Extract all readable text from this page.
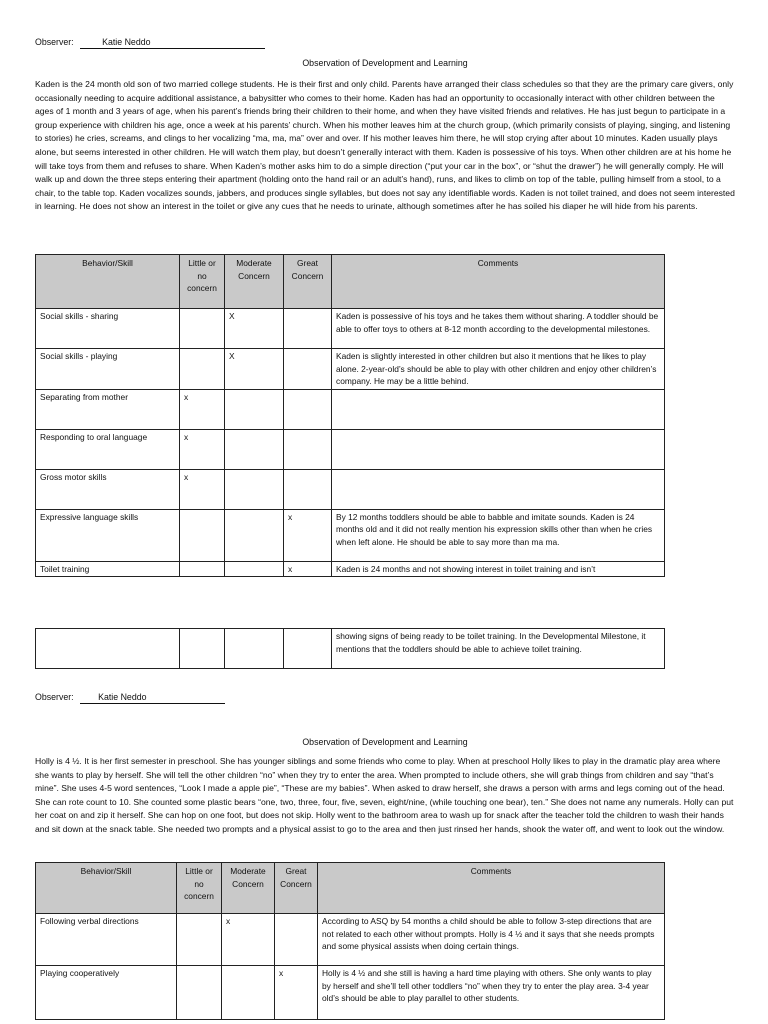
Observer:	Katie Neddo
Observation of Development and Learning

Kaden is the 24 month old son of two married college students. He is their first and only child. Parents have arranged their class schedules so that they are the primary care givers, only occasionally needing to acquire additional assistance, a babysitter who comes to their home. Kaden has had an opportunity to occasionally interact with other children between the ages of 1 month and 3 years of age, when his parent’s friends bring their children to their home, and when they have visited friends and relatives. He has just begun to participate in a group experience with children his age, once a week at his parents’ church. When his mother leaves him at the church group, (which primarily consists of playing, singing, and listening to stories) he cries, screams, and clings to her vocalizing “ma, ma, ma” over and over. If his mother leaves him there, he will stop crying after about 10 minutes. Kaden usually plays alone, but seems interested in other children. He will watch them play, but doesn’t generally interact with them. Kaden is possessive of his toys. When other children are at his home he will take toys from them and refuses to share. When Kaden’s mother asks him to do a simple direction (“put your car in the box”, or “shut the drawer”) he will generally comply. He will walk up and down the three steps entering their apartment (holding onto the hand rail or an adult’s hand), runs, and likes to climb on top of the table, pulling himself from a stool, to a chair, to the table top. Kaden vocalizes sounds, jabbers, and produces single syllables, but does not say any identifiable words. Kaden is not toilet trained, and does not seem interested in learning. He does not show an interest in the toilet or give any cues that he needs to urinate, although sometimes after he has soiled his diaper he will hide from his parents.

Behavior/Skill	Little or no concern	Moderate Concern	Great Concern	Comments
Social skills - sharing		X		Kaden is possessive of his toys and he takes them without sharing. A toddler should be able to offer toys to others at 8-12 month according to the developmental milestones.
Social skills - playing		X		Kaden is slightly interested in other children but also it mentions that he likes to play alone. 2-year-old’s should be able to play with other children and enjoy other children’s company. He may be a little behind.
Separating from mother	x			
Responding to oral language	x			
Gross motor skills	x			
Expressive language skills			x	By 12 months toddlers should be able to babble and imitate sounds. Kaden is 24 months old and it did not really mention his expression skills other than when he cries when left alone. He should be able to say more than ma ma.
Toilet training			x	Kaden is 24 months and not showing interest in toilet training and isn’t
				showing signs of being ready to be toilet training. In the Developmental Milestone, it mentions that the toddlers should be able to achieve toilet training.
Observer:	Katie Neddo
Observation of Development and Learning

Holly is 4 ½. It is her first semester in preschool. She has younger siblings and some friends who come to play. When at preschool Holly likes to play in the dramatic play area where she wants to play by herself. She will tell the other children “no” when they try to enter the area. When prompted to include others, she will grab things from children and say “that’s mine”. She uses 4-5 word sentences, “Look I made a apple pie”, “These are my babies”. When asked to draw herself, she draws a person with arms and legs coming out of the head. She can rote count to 10. She counted some plastic bears “one, two, three, four, five, seven, eight/nine, (while touching one bear), ten.” She does not name any numerals. Holly can put her coat on and zip it herself. She can hop on one foot, but does not skip. Holly went to the bathroom area to wash up for snack after the teacher told the children to wash their hands and sit down at the snack table. She needed two prompts and a physical assist to go to the area and then just rinsed her hands, shook the water off, and went to look out the window.

Behavior/Skill	Little or no concern	Moderate Concern	Great Concern	Comments
Following verbal directions		x		According to ASQ by 54 months a child should be able to follow 3-step directions that are not related to each other without prompts. Holly is 4 ½ and it says that she needs prompts and some physical assists when doing certain things.
Playing cooperatively			x	Holly is 4 ½ and she still is having a hard time playing with others. She only wants to play by herself and she’ll tell other toddlers “no” when they try to enter the play area. 3-4 year old’s should be able to play parallel to other students.
